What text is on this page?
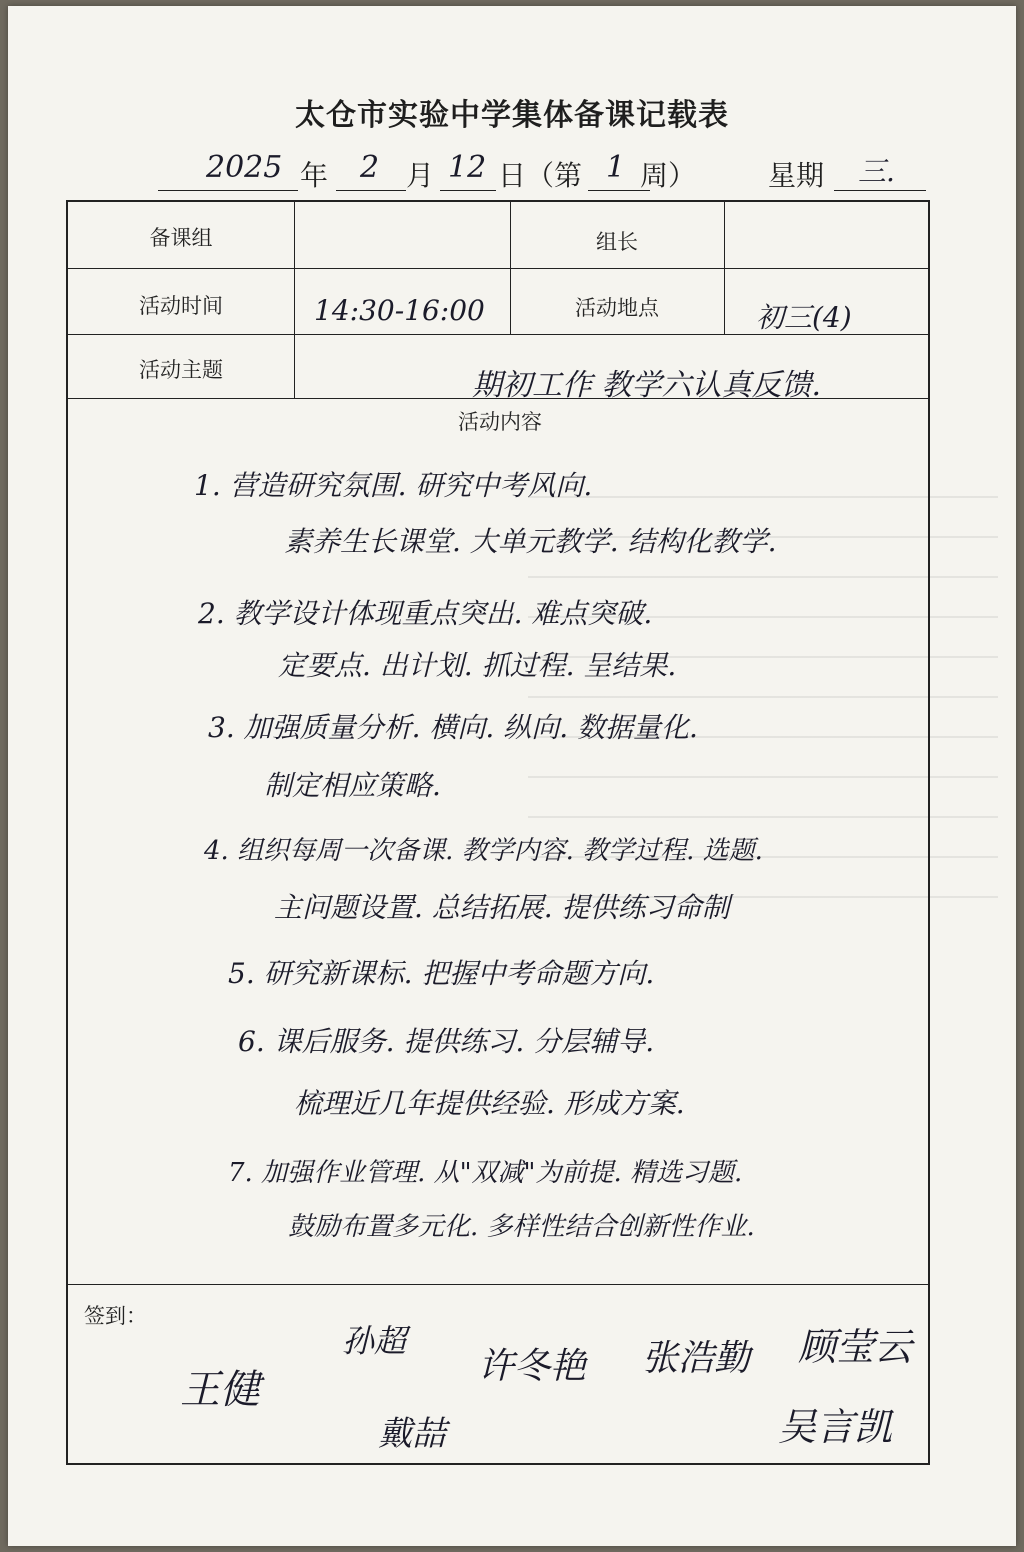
太仓市实验中学集体备课记载表
2025 年 2 月 12 日（第 1 周）	星期 三.
备课组	组长
活动时间	14:30-16:00	活动地点	初三(4)
活动主题	期初工作 教学六认真反馈.
活动内容
1. 营造研究氛围. 研究中考风向.
素养生长课堂. 大单元教学. 结构化教学.
2. 教学设计体现重点突出. 难点突破.
定要点. 出计划. 抓过程. 呈结果.
3. 加强质量分析. 横向. 纵向. 数据量化.
制定相应策略.
4. 组织每周一次备课. 教学内容. 教学过程. 选题.
主问题设置. 总结拓展. 提供练习命制
5. 研究新课标. 把握中考命题方向.
6. 课后服务. 提供练习. 分层辅导.
梳理近几年提供经验. 形成方案.
7. 加强作业管理. 从"双减"为前提. 精选习题.
鼓励布置多元化. 多样性结合创新性作业.
签到：
王健
孙超
许冬艳 张浩勤 顾莹云
戴喆	吴言凯
